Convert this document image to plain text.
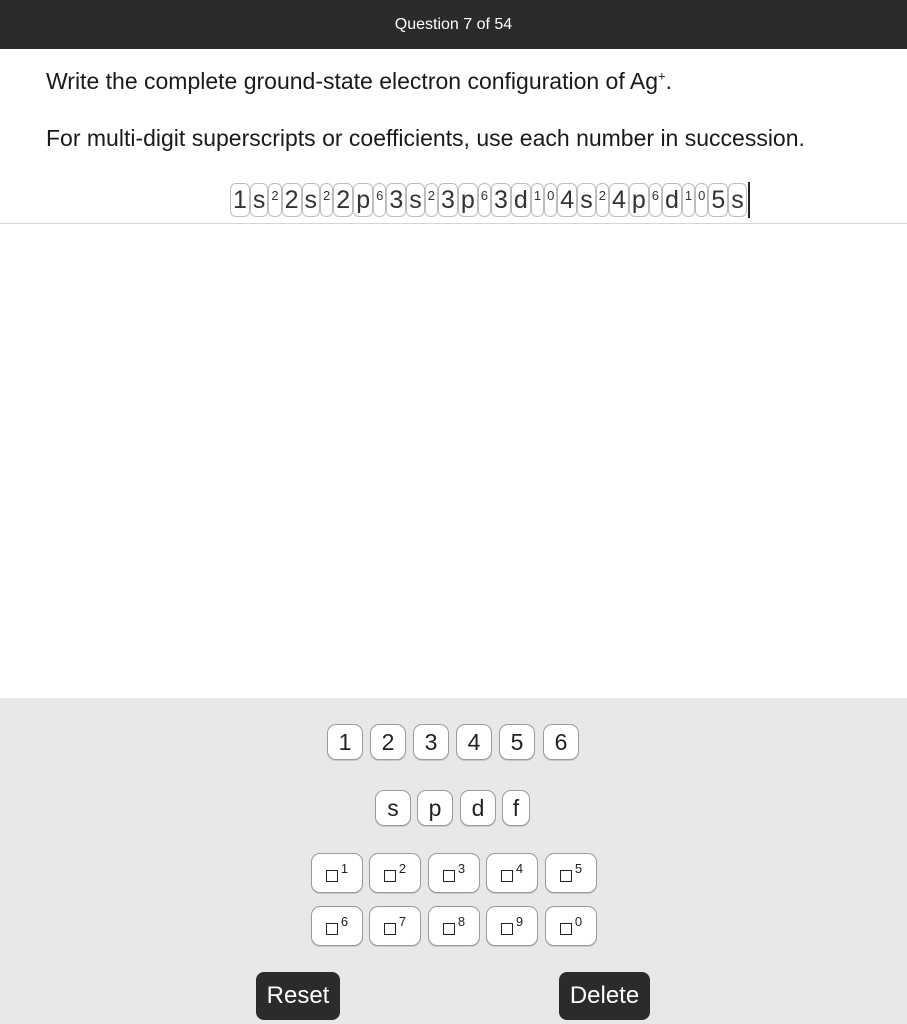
Question 7 of 54
Write the complete ground-state electron configuration of Ag+.
For multi-digit superscripts or coefficients, use each number in succession.
1 s 2 2 s 2 2 p 6 3 s 2 3 p 6 3 d 1 0 4 s 2 4 p 6 d 1 0 5 s
Reset	Delete
1	2	3	4	5	6
s	p	d	f
1	2	3	4	5
6	7	8	9	0
